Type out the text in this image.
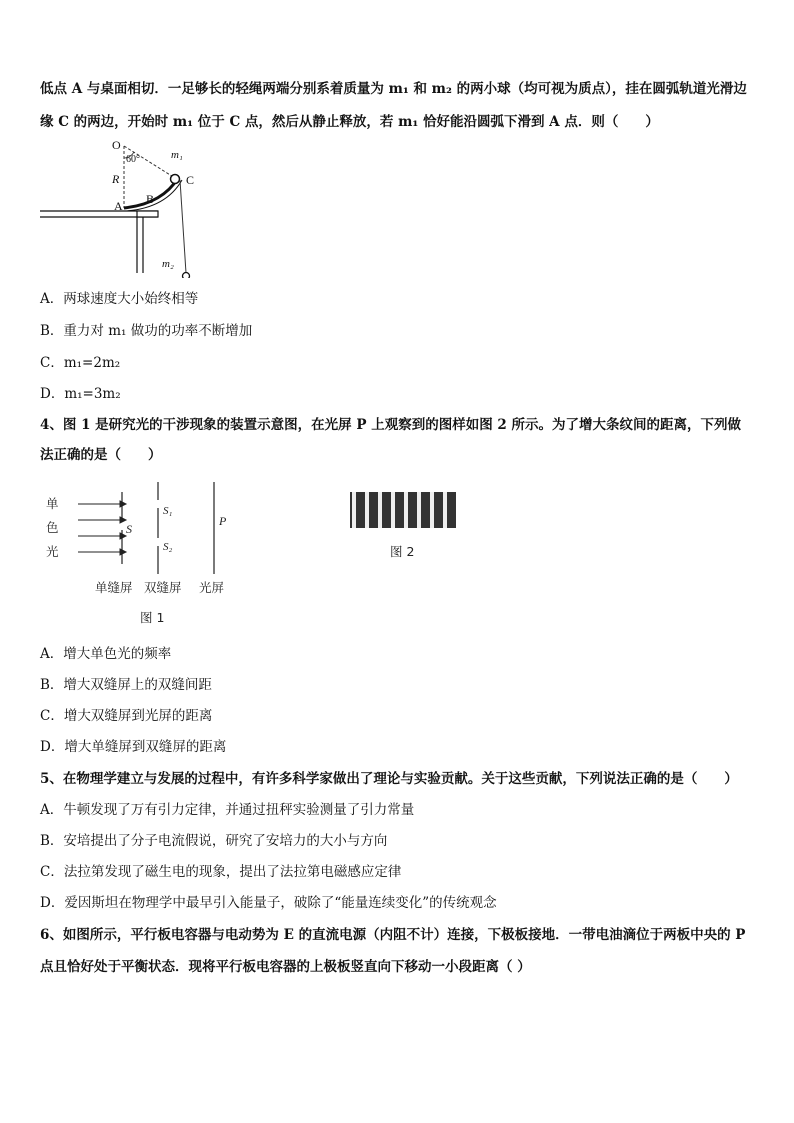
低点 A 与桌面相切．一足够长的轻绳两端分别系着质量为 m₁ 和 m₂ 的两小球（均可视为质点），挂在圆弧轨道光滑边
缘 C 的两边，开始时 m₁ 位于 C 点，然后从静止释放，若 m₁ 恰好能沿圆弧下滑到 A 点．则（　　）
O
60°
R
m₁
C
B
A
m₂
A．两球速度大小始终相等
B．重力对 m₁ 做功的功率不断增加
C．m₁=2m₂
D．m₁=3m₂
4、图 1 是研究光的干涉现象的装置示意图，在光屏 P 上观察到的图样如图 2 所示。为了增大条纹间的距离，下列做
法正确的是（　　）
单
色
光
S
S₁
S₂
P
单缝屏 双缝屏 光屏
图 1
图 2
A．增大单色光的频率
B．增大双缝屏上的双缝间距
C．增大双缝屏到光屏的距离
D．增大单缝屏到双缝屏的距离
5、在物理学建立与发展的过程中，有许多科学家做出了理论与实验贡献。关于这些贡献，下列说法正确的是（　　）
A．牛顿发现了万有引力定律，并通过扭秤实验测量了引力常量
B．安培提出了分子电流假说，研究了安培力的大小与方向
C．法拉第发现了磁生电的现象，提出了法拉第电磁感应定律
D．爱因斯坦在物理学中最早引入能量子，破除了“能量连续变化”的传统观念
6、如图所示，平行板电容器与电动势为 E 的直流电源（内阻不计）连接，下极板接地．一带电油滴位于两板中央的 P
点且恰好处于平衡状态．现将平行板电容器的上极板竖直向下移动一小段距离（ ）
